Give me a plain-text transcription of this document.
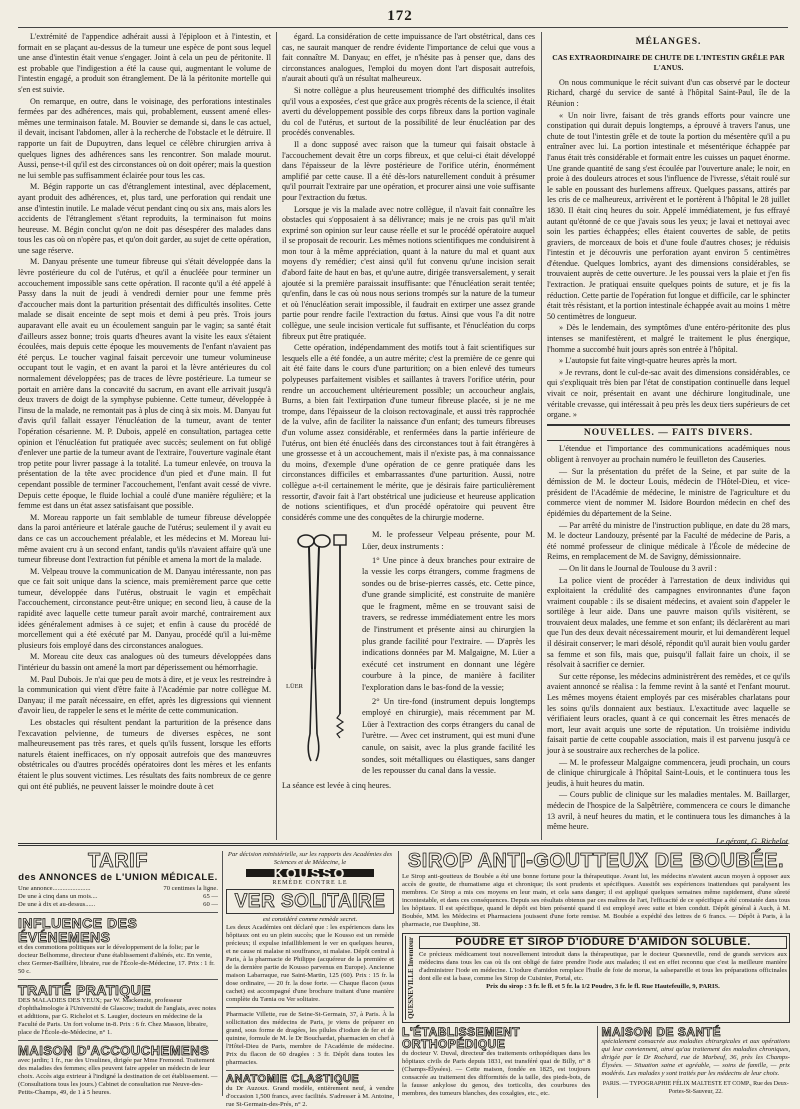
172

L'extrémité de l'appendice adhérait aussi à l'épiploon et à l'intestin, et formait en se plaçant au-dessus de la tumeur une espèce de pont sous lequel une anse d'intestin était venue s'engager. Joint à cela un peu de péritonite. Il est probable que l'indigestion a été la cause qui, augmentant le volume de l'intestin engagé, a produit son étranglement. De là la péritonite mortelle qui s'en est suivie.

On remarque, en outre, dans le voisinage, des perforations intestinales fermées par des adhérences, mais qui, probablement, eussent amené elles-mêmes une terminaison fatale. M. Bouvier se demande si, dans le cas actuel, il devait, incisant l'abdomen, aller à la recherche de l'obstacle et le détruire. Il rapporte un fait de Dupuytren, dans lequel ce célèbre chirurgien arriva à quelques lignes des adhérences sans les rencontrer. Son malade mourut. Aussi, pense-t-il qu'il est des circonstances où on doit opérer; mais la question ne lui semble pas suffisamment éclairée pour tous les cas.

M. Bégin rapporte un cas d'étranglement intestinal, avec déplacement, ayant produit des adhérences, et, plus tard, une perforation qui rendait une anse d'intestin inutile. Le malade vécut pendant cinq ou six ans, mais alors les accidents de l'étranglement s'étant reproduits, la terminaison fut moins heureuse. M. Bégin conclut qu'on ne doit pas désespérer des malades dans tous les cas où on n'opère pas, et qu'on doit garder, au sujet de cette opération, une sage réserve.

M. Danyau présente une tumeur fibreuse qui s'était développée dans la lèvre postérieure du col de l'utérus, et qu'il a énucléée pour terminer un accouchement impossible sans cette opération. Il raconte qu'il a été appelé à Passy dans la nuit de jeudi à vendredi dernier pour une femme près d'accoucher mais dont la parturition présentait des difficultés insolites. Cette malade se disait enceinte de sept mois et demi à peu près. Trois jours auparavant elle avait eu un écoulement sanguin par le vagin; sa santé était d'ailleurs assez bonne; trois quarts d'heures avant la visite les eaux s'étaient écoulées, mais depuis cette époque les mouvements de l'enfant n'avaient pas été perçus. Le toucher vaginal faisait percevoir une tumeur volumineuse occupant tout le vagin, et en avant la paroi et la lèvre antérieures du col normalement développées; pas de traces de lèvre postérieure. La tumeur se portait en arrière dans la concavité du sacrum, en avant elle arrivait jusqu'à deux travers de doigt de la symphyse pubienne. Cette tumeur, développée à l'insu de la malade, ne remontait pas à plus de cinq à six mois. M. Danyau fut d'avis qu'il fallait essayer l'énucléation de la tumeur, avant de tenter l'opération césarienne. M. P. Dubois, appelé en consultation, partagea cette opinion et l'énucléation fut pratiquée avec succès; seulement on fut obligé d'enlever une partie de la tumeur avant de l'extraire, l'ouverture vaginale étant trop petite pour livrer passage à la totalité. La tumeur enlevée, on trouva la présentation de la tête avec procidence d'un pied et d'une main. Il fut cependant possible de terminer l'accouchement, l'enfant avait cessé de vivre. Depuis cette époque, le fluide lochial a coulé d'une manière régulière; et la femme est dans un état assez satisfaisant que possible.

M. Moreau rapporte un fait semblable de tumeur fibreuse développée dans la paroi antérieure et latérale gauche de l'utérus; seulement il y avait eu dans ce cas un accouchement préalable, et les médecins et M. Moreau lui-même avaient cru à un second enfant, tandis qu'ils n'avaient affaire qu'à une tumeur fibreuse dont l'extraction fut pénible et amena la mort de la malade.

M. Velpeau trouve la communication de M. Danyau intéressante, non pas que ce fait soit unique dans la science, mais premièrement parce que cette tumeur, développée dans l'utérus, obstruait le vagin et empêchait l'accouchement, circonstance peut-être unique; en second lieu, à cause de la rapidité avec laquelle cette tumeur paraît avoir marché, contrairement aux idées généralement admises à ce sujet; et enfin à cause du procédé de morcellement qui a été exécuté par M. Danyau, procédé qu'il a lui-même plusieurs fois employé dans des circonstances analogues.

M. Moreau cite deux cas analogues où des tumeurs développées dans l'intérieur du bassin ont amené la mort par déperissement ou hémorrhagie.

M. Paul Dubois. Je n'ai que peu de mots à dire, et je veux les restreindre à la communication qui vient d'être faite à l'Académie par notre collègue M. Danyau; il me paraît nécessaire, en effet, après les digressions qui viennent d'avoir lieu, de rappeler le sens et le mérite de cette communication.

Les obstacles qui résultent pendant la parturition de la présence dans l'excavation pelvienne, de tumeurs de diverses espèces, ne sont malheureusement pas très rares, et quels qu'ils fussent, lorsque les efforts naturels étaient inefficaces, on n'y opposait autrefois que des manœuvres obstétricales ou d'autres procédés opératoires dont les mères et les enfants étaient le plus souvent victimes. Les résultats des faits nombreux de ce genre qui ont été publiés, ne peuvent laisser le moindre doute à cet

égard. La considération de cette impuissance de l'art obstétrical, dans ces cas, ne saurait manquer de rendre évidente l'importance de celui que vous a fait connaître M. Danyau; en effet, je n'hésite pas à penser que, dans des circonstances analogues, l'emploi du moyen dont l'art disposait autrefois, n'aurait abouti qu'à un résultat malheureux.

Si notre collègue a plus heureusement triomphé des difficultés insolites qu'il vous a exposées, c'est que grâce aux progrès récents de la science, il était averti du développement possible des corps fibreux dans la portion vaginale du col de l'utérus, et surtout de la possibilité de leur énucléation par des procédés convenables.

Il a donc supposé avec raison que la tumeur qui faisait obstacle à l'accouchement devait être un corps fibreux, et que celui-ci était développé dans l'épaisseur de la lèvre postérieure de l'orifice utérin, énormément amplifié par cette cause. Il a été dès-lors naturellement conduit à présumer qu'il pourrait l'extraire par une opération, et procurer ainsi une voie suffisante pour l'extraction du fœtus.

Lorsque je vis la malade avec notre collègue, il n'avait fait connaître les obstacles qui s'opposaient à sa délivrance; mais je ne crois pas qu'il m'ait exprimé son opinion sur leur cause réelle et sur le procédé opératoire auquel il se proposait de recourir. Les mêmes notions scientifiques me conduisirent à mon tour à la même appréciation, quant à la nature du mal et quant aux moyens d'y remédier; c'est ainsi qu'il fut convenu qu'une incision serait d'abord faite de haut en bas, et qu'une autre, dirigée transversalement, y serait ajoutée si la première paraissait insuffisante: que l'énucléation serait tentée; qu'enfin, dans le cas où nous nous serions trompés sur la nature de la tumeur et où l'énucléation serait impossible, il faudrait en extirper une assez grande partie pour rendre facile l'extraction du fœtus. Ainsi que vous l'a dit notre collègue, une seule incision verticale fut suffisante, et l'énucléation du corps fibreux put être pratiquée.

Cette opération, indépendamment des motifs tout à fait scientifiques sur lesquels elle a été fondée, a un autre mérite; c'est la première de ce genre qui ait été faite dans le cours d'une parturition; on a bien enlevé des tumeurs polypeuses parfaitement visibles et saillantes à travers l'orifice utérin, pour rendre un accouchement ultérieurement possible; un accoucheur anglais, Burns, a bien fait l'extirpation d'une tumeur fibreuse placée, si je ne me trompe, dans l'épaisseur de la cloison rectovaginale, et aussi très rapprochée de la vulve, afin de faciliter la naissance d'un enfant; des tumeurs fibreuses d'un volume assez considérable, et renfermées dans la partie inférieure de l'utérus, ont bien été énucléés dans des circonstances tout à fait étrangères à une grossesse et à un accouchement, mais il n'existe pas, à ma connaissance du moins, d'exemple d'une opération de ce genre pratiquée dans les circonstances difficiles et embarrassantes d'une parturition. Aussi, notre collègue a-t-il certainement le mérite, que je désirais faire particulièrement ressortir, d'avoir fait à l'art obstétrical une judicieuse et heureuse application de notions scientifiques, et d'un procédé opératoire qui peuvent être considérés comme une des conquêtes de la chirurgie moderne.

LÜER

M. le professeur Velpeau présente, pour M. Lüer, deux instruments :

1° Une pince à deux branches pour extraire de la vessie les corps étrangers, comme fragmens de sondes ou de brise-pierres cassés, etc. Cette pince, d'une grande simplicité, est construite de manière que le fragment, même en se trouvant saisi de travers, se redresse immédiatement entre les mors de l'instrument et présente ainsi au chirurgien la plus grande facilité pour l'extraire. — D'après les indications données par M. Malgaigne, M. Lüer a exécuté cet instrument en donnant une légère courbure à la pince, de manière à faciliter l'exploration dans le bas-fond de la vessie;

2° Un tire-fond (instrument depuis longtemps employé en chirurgie), mais récemment par M. Lüer à l'extraction des corps étrangers du canal de l'urètre. — Avec cet instrument, qui est muni d'une canule, on saisit, avec la plus grande facilité les sondes, soit métalliques ou élastiques, sans danger de les repousser du canal dans la vessie.

La séance est levée à cinq heures.

MÉLANGES.
CAS EXTRAORDINAIRE DE CHUTE DE L'INTESTIN GRÊLE PAR L'ANUS.

On nous communique le récit suivant d'un cas observé par le docteur Richard, chargé du service de santé à l'hôpital Saint-Paul, île de la Réunion :

« Un noir livre, faisant de très grands efforts pour vaincre une constipation qui durait depuis longtemps, a éprouvé à travers l'anus, une chute de tout l'intestin grêle et de toute la portion du mésentère qu'il a pu entraîner avec lui. La portion intestinale et mésentérique échappée par l'anus était très considérable et formait entre les cuisses un paquet énorme. Une grande quantité de sang s'est écoulée par l'ouverture anale; le noir, en proie à des douleurs atroces et sous l'influence de l'ivresse, s'était roulé sur le sable en poussant des hurlemens affreux. Quelques passans, attirés par les cris de ce malheureux, arrivèrent et le portèrent à l'hôpital le 28 juillet 1830. Il était cinq heures du soir. Appelé immédiatement, je fus effrayé autant qu'étonné de ce que j'avais sous les yeux; je lavai et nettoyai avec soin les parties échappées; elles étaient couvertes de sable, de petits graviers, de morceaux de bois et d'une foule d'autres choses; je réduisis l'intestin et je découvris une perforation ayant environ 5 centimètres d'étendue. Quelques lombrics, ayant des dimensions considérables, se trouvaient auprès de cette ouverture. Je les poussai vers la plaie et j'en fis l'extraction. Je pratiquai ensuite quelques points de suture, et je fis la réduction. Cette partie de l'opération fut longue et difficile, car le sphincter était très résistant, et la portion intestinale échappée avait au moins 1 mètre 50 centimètres de longueur.

» Dès le lendemain, des symptômes d'une entéro-péritonite des plus intenses se manifestèrent, et malgré le traitement le plus énergique, l'homme a succombé huit jours après son entrée à l'hôpital.

» L'autopsie fut faite vingt-quatre heures après la mort.

» Je revrans, dont le cul-de-sac avait des dimensions considérables, ce qui s'expliquait très bien par l'état de constipation continuelle dans lequel vivait ce noir, présentait en avant une déchirure longitudinale, une véritable crevasse, qui intéressait à peu près les deux tiers supérieurs de cet organe. »

NOUVELLES. — FAITS DIVERS.

L'étendue et l'importance des communications académiques nous obligent à renvoyer au prochain numéro le feuilleton des Causeries.

— Sur la présentation du préfet de la Seine, et par suite de la démission de M. le docteur Louis, médecin de l'Hôtel-Dieu, et vice-président de l'Académie de médecine, le ministre de l'agriculture et du commerce vient de nommer M. Isidore Bourdon médecin en chef des épidémies du département de la Seine.

— Par arrêté du ministre de l'instruction publique, en date du 28 mars, M. le docteur Landouzy, présenté par la Faculté de médecine de Paris, a été nommé professeur de clinique médicale à l'École de médecine de Reims, en remplacement de M. de Savigny, démissionnaire.

— On lit dans le Journal de Toulouse du 3 avril :

La police vient de procéder à l'arrestation de deux individus qui exploitaient la crédulité des campagnes environnantes d'une façon vraiment coupable : ils se disaient médecins, et avaient soin d'appeler le sortilège à leur aide. Dans une pauvre maison qu'ils visitèrent, se trouvaient deux malades, une femme et son enfant; ils déclarèrent au mari que l'un des deux devait nécessairement mourir, et lui demandèrent lequel il désirait conserver; le mari désolé, répondit qu'il aurait bien voulu garder sa femme et son fils, mais que, puisqu'il fallait faire un choix, il se résolvait à sacrifier ce dernier.

Sur cette réponse, les médecins administrèrent des remèdes, et ce qu'ils avaient annoncé se réalisa : la femme revint à la santé et l'enfant mourut. Les mêmes moyens étaient employés par ces misérables charlatans pour les soins qu'ils donnaient aux bestiaux. L'exactitude avec laquelle se vérifiaient leurs oracles, quant à ce qui concernait les êtres menacés de mort, leur avait acquis une sorte de réputation. Un troisième individu faisait partie de cette coupable association, mais il est parvenu jusqu'à ce jour à se soustraire aux recherches de la police.

— M. le professeur Malgaigne commencera, jeudi prochain, un cours de clinique chirurgicale à l'hôpital Saint-Louis, et le continuera tous les jeudis, à huit heures du matin.

— Cours public de clinique sur les maladies mentales. M. Baillarger, médecin de l'hospice de la Salpêtrière, commencera ce cours le dimanche 13 avril, à neuf heures du matin, et le continuera tous les dimanches à la même heure.

Le gérant, G. Richelot.
TARIF
des ANNONCES de L'UNION MÉDICALE.
Une annonce.......................	70 centimes la ligne.
De une à cinq dans un mois....	65 —
De une à dix et au-dessus......	60 —
INFLUENCE DES ÉVÉNEMENS
et des commotions politiques sur le développement de la folie; par le docteur Belhomme, directeur d'une établissement d'aliénés, etc. En vente, chez Germer-Baillière, libraire, rue de l'École-de-Médecine, 17. Prix : 1 fr. 50 c.
TRAITÉ PRATIQUE
DES MALADIES DES YEUX; par W. Mackenzie, professeur d'ophthalmologie à l'Université de Glascow; traduit de l'anglais, avec notes et additions, par G. Richelot et S. Laugier, docteurs en médecine de la Faculté de Paris. Un fort volume in-8. Prix : 6 fr. Chez Masson, libraire, place de l'École-de-Médecine, n° 1.
MAISON D'ACCOUCHEMENS
avec jardin; 1 fr., rue des Ursulines, dirigée par Mme Fremond. Traitement des maladies des femmes; elles peuvent faire appeler un médecin de leur choix. Accès aigu extrieur à l'indigné la destination de cet établissement. — (Consultations tous les jours.) Cabinet de consultation rue Neuve-des-Petits-Champs, 49, de 1 à 5 heures.
Par décision ministérielle, sur les rapports des Académies des Sciences et de Médecine, le
KOUSSO
REMÈDE CONTRE LE
VER SOLITAIRE
est considéré comme remède secret.
Les deux Académies ont déclaré que : les expériences dans les hôpitaux ont eu un plein succès; que le Kousso est un remède précieux; il expulse infailliblement le ver en quelques heures, et ne cause ni malaise ni souffrance, ni malaise. Dépôt central à Paris, à la pharmacie de Philippe (acquéreur de la première et de la dernière partie de Kousso parvenus en Europe). Ancienne maison Labarraque, rue Saint-Martin, 125 (60). Prix : 15 fr. la dose ordinaire, — 20 fr. la dose forte. — Chaque flacon (sous cachet) est accompagné d'une brochure traitant d'une manière complète du Tænia ou Ver solitaire.
Pharmacie Villette, rue de Seine-St-Germain, 37, à Paris. À la sollicitation des médecins de Paris, je viens de préparer en grand, sous forme de dragées, les pilules d'iodure de fer et de quinine, formule de M. le Dr Bouchardat, pharmacien en chef à l'Hôtel-Dieu de Paris, membre de l'Académie de médecine. Prix du flacon de 60 dragées : 3 fr. Dépôt dans toutes les pharmacies.
ANATOMIE CLASTIQUE
du Dr Auzoux. Grand modèle, entièrement neuf, à vendre d'occasion 1,500 francs, avec facilités. S'adresser à M. Antoine, rue St-Germain-des-Prés, n° 2.
SIROP ANTI-GOUTTEUX DE BOUBÉE.
Le Sirop anti-goutteux de Boubée a été une bonne fortune pour la thérapeutique. Avant lui, les médecins n'avaient aucun moyen à opposer aux accès de goutte, de rhumatisme aigu et chronique; ils sont prudents et spécifiques. Aussitôt ses expériences inattendues qui paralysent les membres. Ce Sirop a mis ces moyens en leur main, et cela sans danger; il est appliqué quelques semaines même rapidement, d'une sûreté incontestable, et dans ces conséquences. Depuis ses résultats obtenus par ces maîtres de l'art, l'efficacité de ce spécifique a été constatée dans tous les hôpitaux. Il est spécifique, quand le dépôt est bien présenté quand il est employé avec suite et bien conduit. Dépôt général à Auch, à M. Boubée, MM. les Médecins et Pharmaciens jouissent d'une forte remise. M. Boubée a expédié des lettres de 6 francs. — Dépôt à Paris, à la pharmacie, rue Dauphine, 38.
QUESNEVILLE Inventeur	POUDRE ET SIROP D'IODURE D'AMIDON SOLUBLE.
Ce précieux médicament tout nouvellement introduit dans la thérapeutique, par le docteur Quesneville, rend de grands services aux médecins dans tous les cas où ils ont obligé de faire prendre l'iode aux malades; il est en effet reconnu que c'est la meilleure manière d'administrer l'iode en médecine. L'iodure d'amidon remplace l'huile de foie de morue, la salsepareille et tous les préparations officinales dont elle est la base, comme les Sirop de Cuisinier, Portal, etc.
Prix du sirop : 3 fr. le fl. et 5 fr. la 1/2 Poudre, 3 fr. le fl. Rue Hautefeuille, 9, PARIS.
L'ÉTABLISSEMENT ORTHOPÉDIQUE
du docteur V. Duval, directeur des traitements orthopédiques dans les hôpitaux civils de Paris depuis 1831, est transféré quai de Billy, n° 8 (Champs-Élysées). — Cette maison, fondée en 1825, est toujours consacrée au traitement des difformités de la taille, des pieds-bots, de la fausse ankylose du genou, des torticolis, des courbures des membres, des tumeurs blanches, des coxalgies, etc., etc.
MAISON DE SANTÉ
spécialement consacrée aux maladies chirurgicales et aux opérations qui leur conviennent, ainsi qu'au traitement des maladies chroniques, dirigée par le Dr Rochard, rue de Marbeuf, 36, près les Champs-Élysées. — Situation saine et agréable, — soins de famille, — prix modérés. Les malades y sont traités par les médecins de leur choix.
PARIS. — TYPOGRAPHIE FÉLIX MALTESTE ET COMP., Rue des Deux-Portes-St-Sauveur, 22.
